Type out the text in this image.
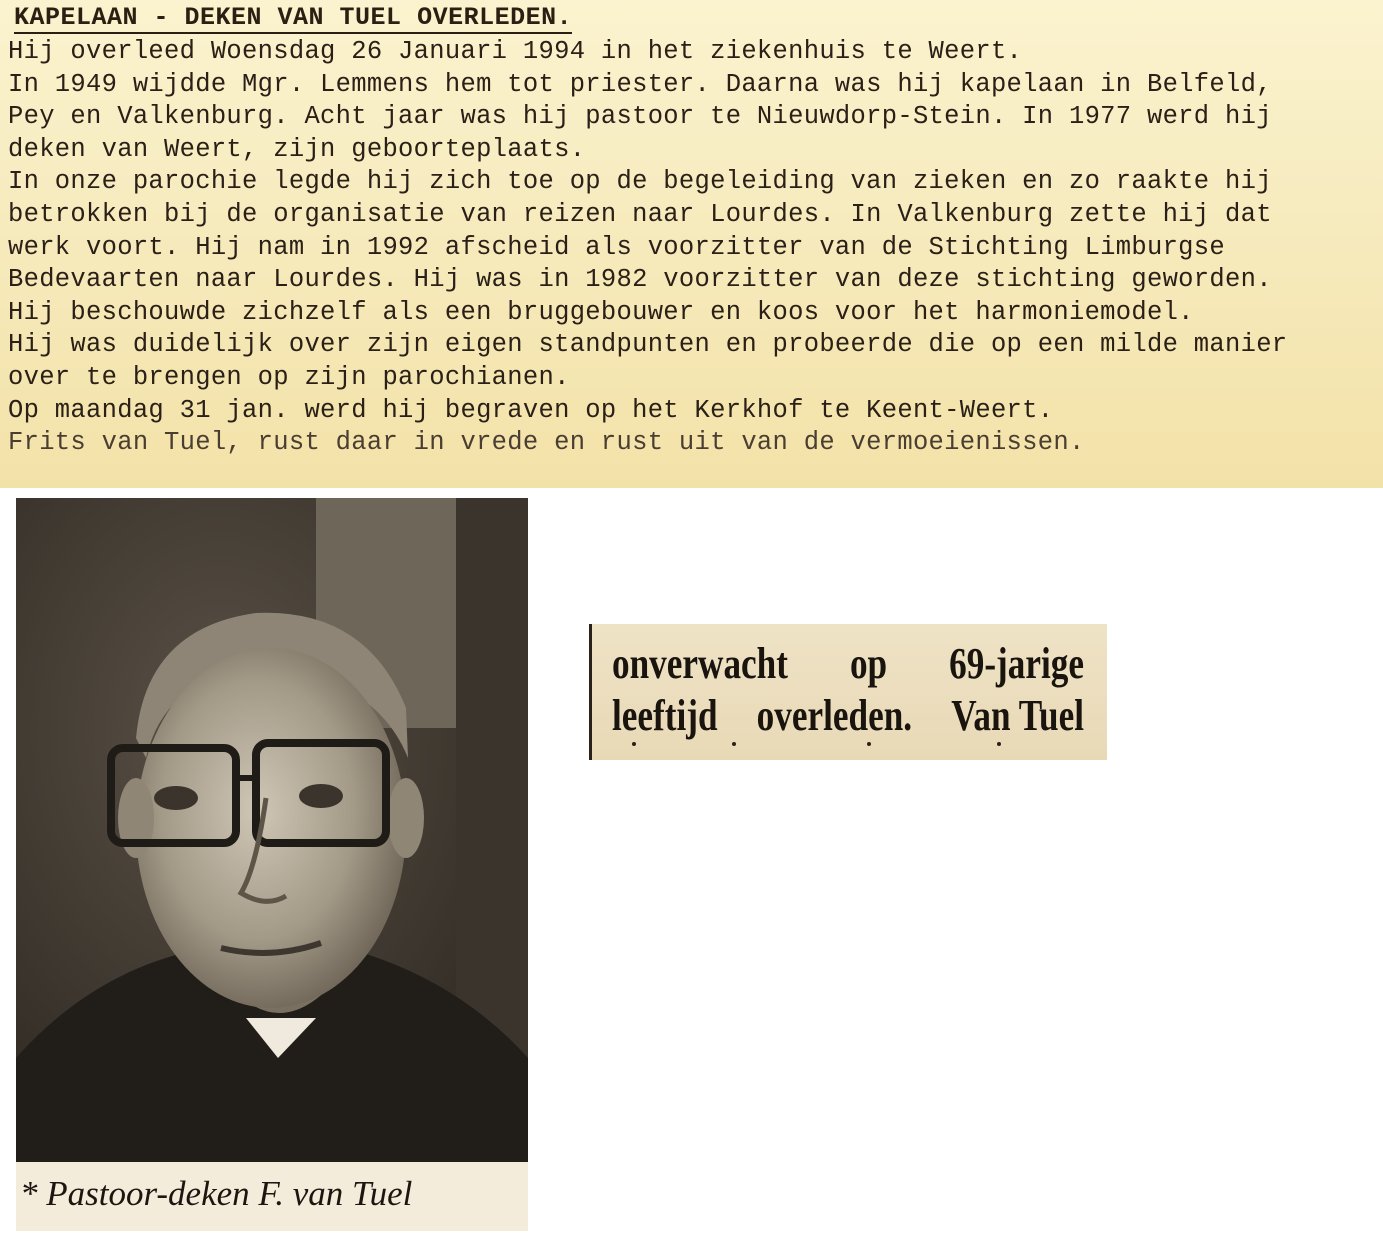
KAPELAAN - DEKEN VAN TUEL OVERLEDEN.
Hij overleed Woensdag 26 Januari 1994 in het ziekenhuis te Weert.
In 1949 wijdde Mgr. Lemmens hem tot priester. Daarna was hij kapelaan in Belfeld,
Pey en Valkenburg. Acht jaar was hij pastoor te Nieuwdorp-Stein. In 1977 werd hij
deken van Weert, zijn geboorteplaats.
In onze parochie legde hij zich toe op de begeleiding van zieken en zo raakte hij
betrokken bij de organisatie van reizen naar Lourdes. In Valkenburg zette hij dat
werk voort. Hij nam in 1992 afscheid als voorzitter van de Stichting Limburgse
Bedevaarten naar Lourdes. Hij was in 1982 voorzitter van deze stichting geworden.
Hij beschouwde zichzelf als een bruggebouwer en koos voor het harmoniemodel.
Hij was duidelijk over zijn eigen standpunten en probeerde die op een milde manier
over te brengen op zijn parochianen.
Op maandag 31 jan. werd hij begraven op het Kerkhof te Keent-Weert.
Frits van Tuel, rust daar in vrede en rust uit van de vermoeienissen.
* Pastoor-deken F. van Tuel
onverwacht op 69-jarige
leeftijd overleden. Van Tuel
